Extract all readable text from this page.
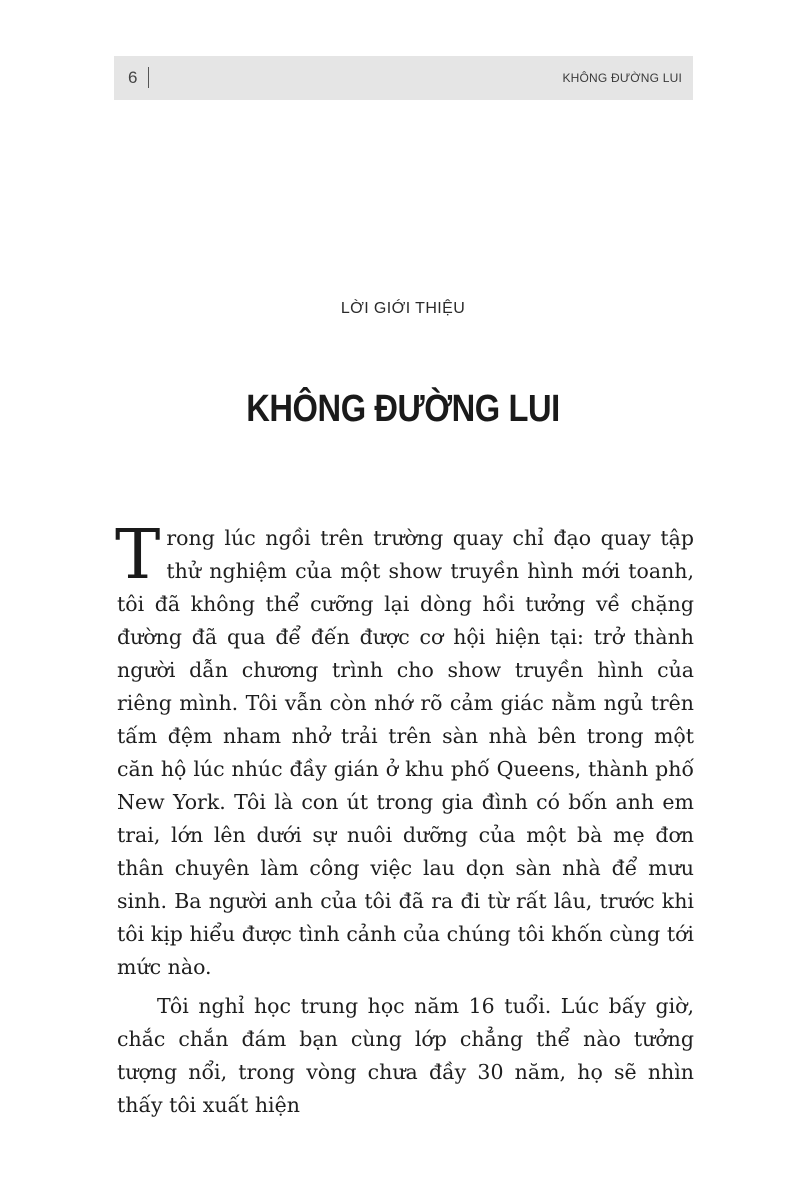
6	KHÔNG ĐƯỜNG LUI
LỜI GIỚI THIỆU
KHÔNG ĐƯỜNG LUI

Trong lúc ngồi trên trường quay chỉ đạo quay tập thử nghiệm của một show truyền hình mới toanh, tôi đã không thể cưỡng lại dòng hồi tưởng về chặng đường đã qua để đến được cơ hội hiện tại: trở thành người dẫn chương trình cho show truyền hình của riêng mình. Tôi vẫn còn nhớ rõ cảm giác nằm ngủ trên tấm đệm nham nhở trải trên sàn nhà bên trong một căn hộ lúc nhúc đầy gián ở khu phố Queens, thành phố New York. Tôi là con út trong gia đình có bốn anh em trai, lớn lên dưới sự nuôi dưỡng của một bà mẹ đơn thân chuyên làm công việc lau dọn sàn nhà để mưu sinh. Ba người anh của tôi đã ra đi từ rất lâu, trước khi tôi kịp hiểu được tình cảnh của chúng tôi khốn cùng tới mức nào.

Tôi nghỉ học trung học năm 16 tuổi. Lúc bấy giờ, chắc chắn đám bạn cùng lớp chẳng thể nào tưởng tượng nổi, trong vòng chưa đầy 30 năm, họ sẽ nhìn thấy tôi xuất hiện
